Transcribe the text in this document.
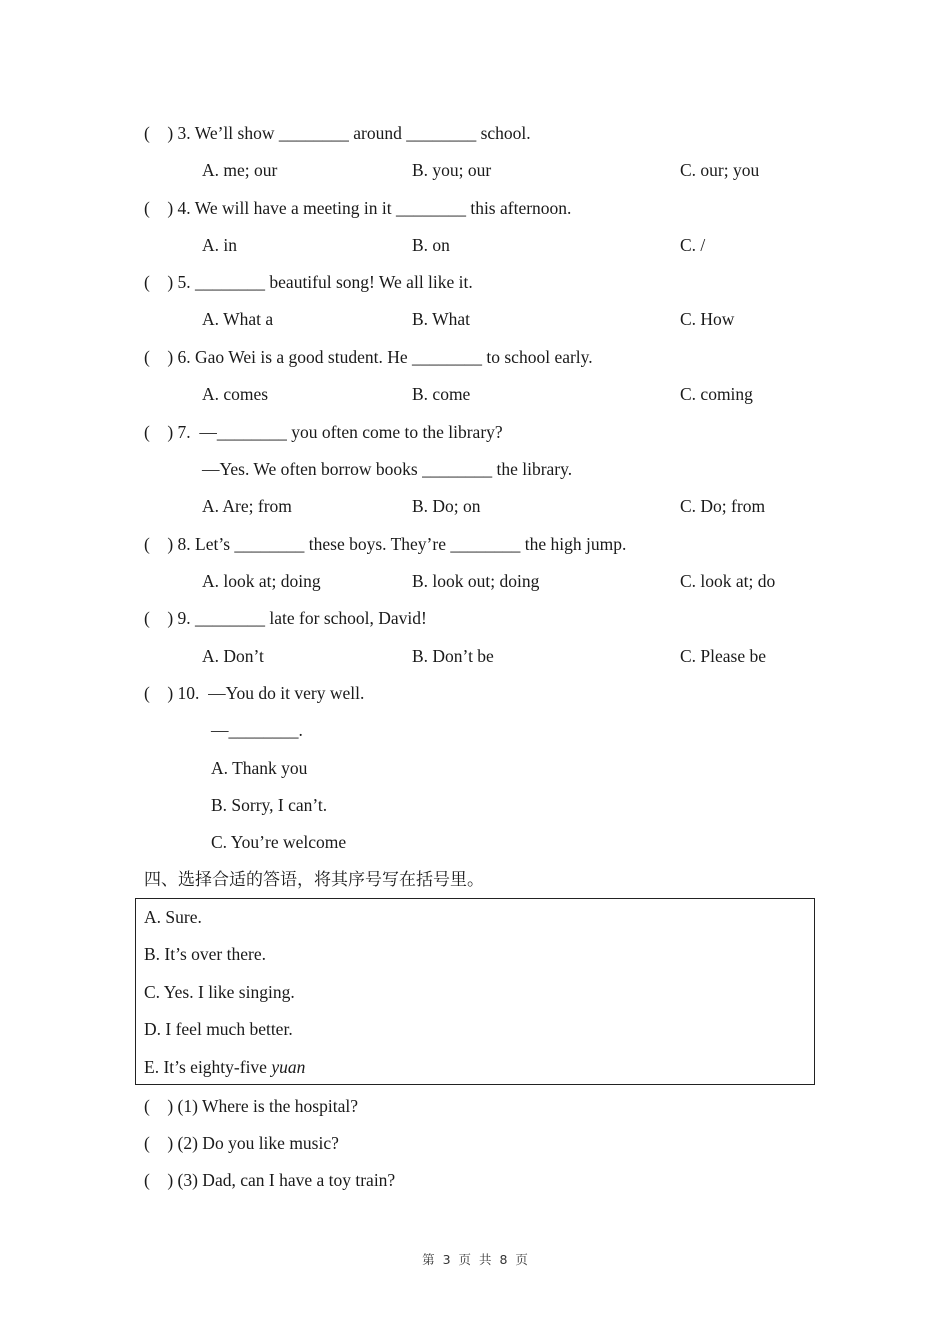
(    ) 3. We’ll show ________ around ________ school.
A. me; our	B. you; our	C. our; you
(    ) 4. We will have a meeting in it ________ this afternoon.
A. in	B. on	C. /
(    ) 5. ________ beautiful song! We all like it.
A. What a	B. What	C. How
(    ) 6. Gao Wei is a good student. He ________ to school early.
A. comes	B. come	C. coming
(    ) 7.  —________ you often come to the library?
—Yes. We often borrow books ________ the library.
A. Are; from	B. Do; on	C. Do; from
(    ) 8. Let’s ________ these boys. They’re ________ the high jump.
A. look at; doing	B. look out; doing	C. look at; do
(    ) 9. ________ late for school, David!
A. Don’t	B. Don’t be	C. Please be
(    ) 10.  —You do it very well.
—________.
A. Thank you
B. Sorry, I can’t.
C. You’re welcome
四、选择合适的答语，将其序号写在括号里。
A. Sure.
B. It’s over there.
C. Yes. I like singing.
D. I feel much better.
E. It’s eighty-five yuan
(    ) (1) Where is the hospital?
(    ) (2) Do you like music?
(    ) (3) Dad, can I have a toy train?
第 3 页 共 8 页
